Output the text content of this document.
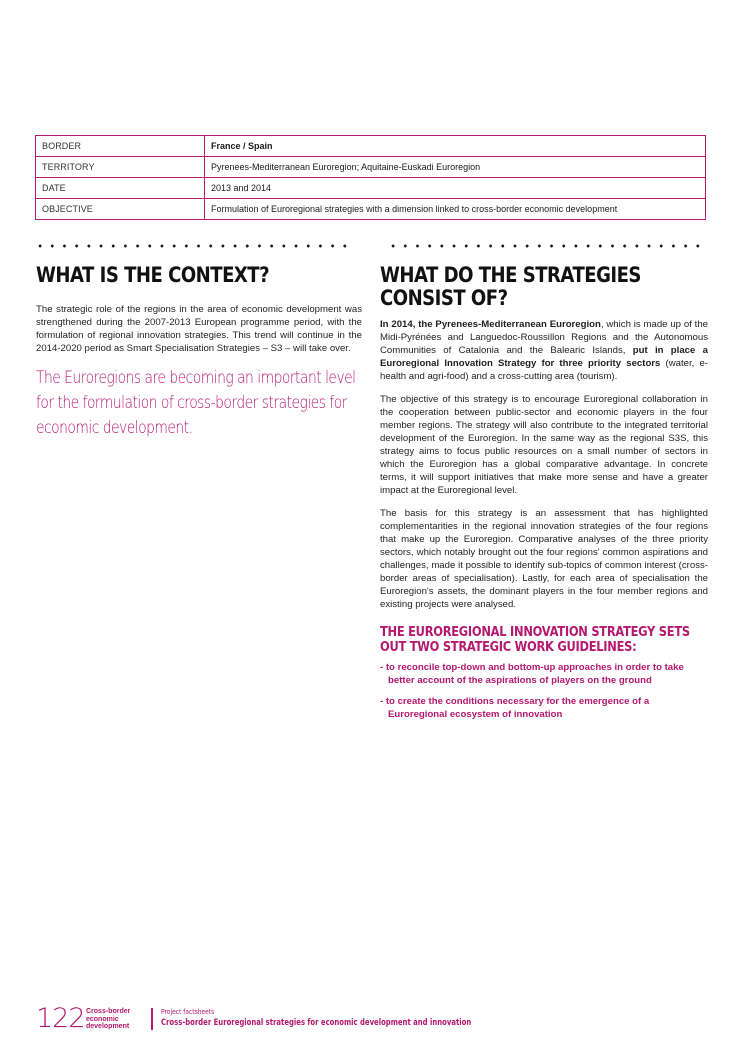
BORDER	France / Spain
TERRITORY	Pyrenees-Mediterranean Euroregion; Aquitaine-Euskadi Euroregion
DATE	2013 and 2014
OBJECTIVE	Formulation of Euroregional strategies with a dimension linked to cross-border economic development
WHAT IS THE CONTEXT?

The strategic role of the regions in the area of economic development was strengthened during the 2007-2013 European programme period, with the formulation of regional innovation strategies. This trend will continue in the 2014-2020 period as Smart Specialisation Strategies – S3 – will take over.

The Euroregions are becoming an important level for the formulation of cross-border strategies for economic development.

WHAT DO THE STRATEGIES CONSIST OF?

In 2014, the Pyrenees-Mediterranean Euroregion, which is made up of the Midi-Pyrénées and Languedoc-Roussillon Regions and the Autonomous Communities of Catalonia and the Balearic Islands, put in place a Euroregional Innovation Strategy for three priority sectors (water, e-health and agri-food) and a cross-cutting area (tourism).

The objective of this strategy is to encourage Euroregional collaboration in the cooperation between public-sector and economic players in the four member regions. The strategy will also contribute to the integrated territorial development of the Euroregion. In the same way as the regional S3S, this strategy aims to focus public resources on a small number of sectors in which the Euroregion has a global comparative advantage. In concrete terms, it will support initiatives that make more sense and have a greater impact at the Euroregional level.

The basis for this strategy is an assessment that has highlighted complementarities in the regional innovation strategies of the four regions that make up the Euroregion. Comparative analyses of the three priority sectors, which notably brought out the four regions' common aspirations and challenges, made it possible to identify sub-topics of common interest (cross-border areas of specialisation). Lastly, for each area of specialisation the Euroregion's assets, the dominant players in the four member regions and existing projects were analysed.

THE EUROREGIONAL INNOVATION STRATEGY SETS OUT TWO STRATEGIC WORK GUIDELINES:
- to reconcile top-down and bottom-up approaches in order to take better account of the aspirations of players on the ground
- to create the conditions necessary for the emergence of a Euroregional ecosystem of innovation
122 Cross-border
economic
development
Project factsheets
Cross-border Euroregional strategies for economic development and innovation
